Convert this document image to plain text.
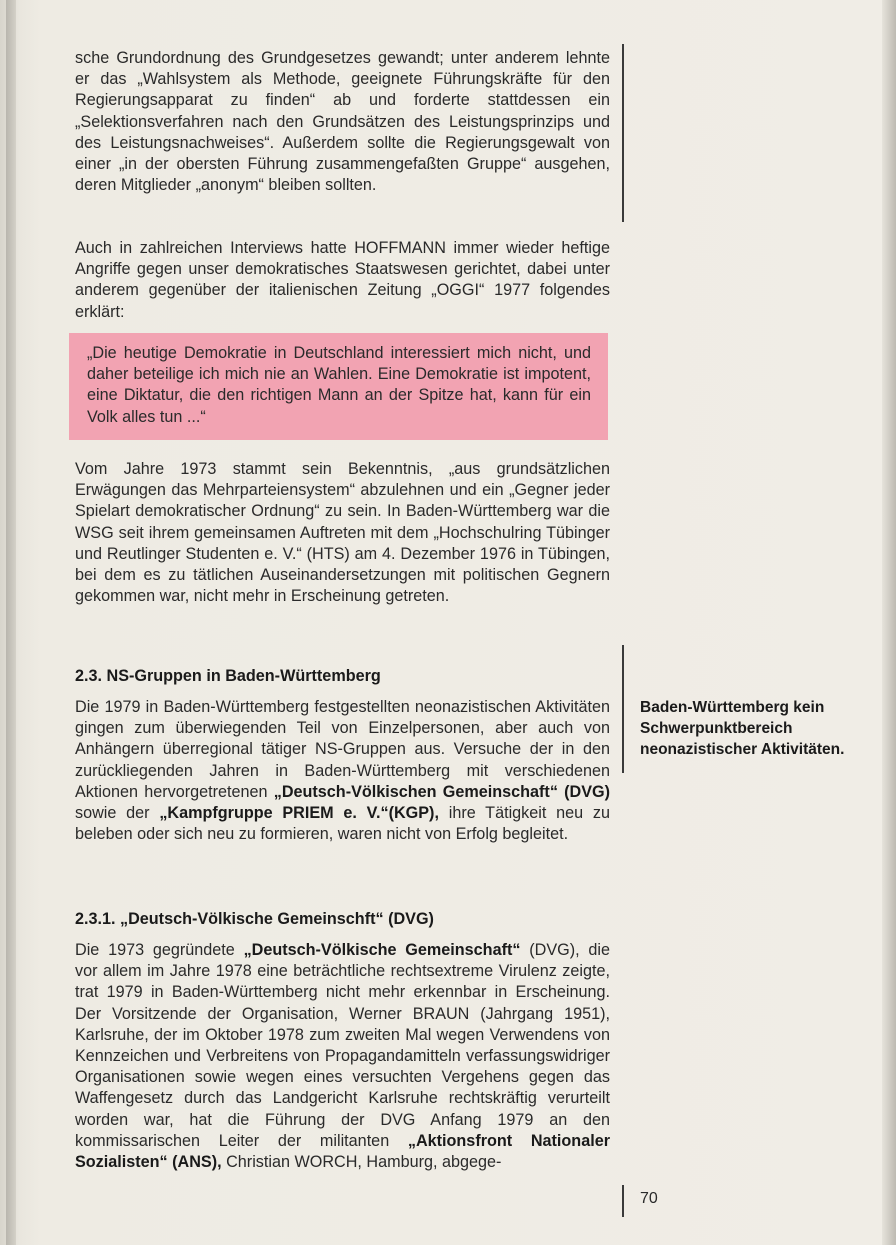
sche Grundordnung des Grundgesetzes gewandt; unter anderem lehnte er das „Wahlsystem als Methode, geeignete Führungskräfte für den Regierungsapparat zu finden“ ab und forderte stattdessen ein „Selektionsverfahren nach den Grundsätzen des Leistungsprinzips und des Leistungsnachweises“. Außerdem sollte die Regierungsgewalt von einer „in der obersten Führung zusammengefaßten Gruppe“ ausgehen, deren Mitglieder „anonym“ bleiben sollten.

Auch in zahlreichen Interviews hatte HOFFMANN immer wieder heftige Angriffe gegen unser demokratisches Staatswesen gerichtet, dabei unter anderem gegenüber der italienischen Zeitung „OGGI“ 1977 folgendes erklärt:

„Die heutige Demokratie in Deutschland interessiert mich nicht, und daher beteilige ich mich nie an Wahlen. Eine Demokratie ist impotent, eine Diktatur, die den richtigen Mann an der Spitze hat, kann für ein Volk alles tun ...“

Vom Jahre 1973 stammt sein Bekenntnis, „aus grundsätzlichen Erwägungen das Mehrparteiensystem“ abzulehnen und ein „Gegner jeder Spielart demokratischer Ordnung“ zu sein. In Baden-Württemberg war die WSG seit ihrem gemeinsamen Auftreten mit dem „Hochschulring Tübinger und Reutlinger Studenten e. V.“ (HTS) am 4. Dezember 1976 in Tübingen, bei dem es zu tätlichen Auseinandersetzungen mit politischen Gegnern gekommen war, nicht mehr in Erscheinung getreten.

2.3. NS-Gruppen in Baden-Württemberg

Die 1979 in Baden-Württemberg festgestellten neonazistischen Aktivitäten gingen zum überwiegenden Teil von Einzelpersonen, aber auch von Anhängern überregional tätiger NS-Gruppen aus. Versuche der in den zurückliegenden Jahren in Baden-Württemberg mit verschiedenen Aktionen hervorgetretenen „Deutsch-Völkischen Gemeinschaft“ (DVG) sowie der „Kampfgruppe PRIEM e. V.“(KGP), ihre Tätigkeit neu zu beleben oder sich neu zu formieren, waren nicht von Erfolg begleitet.

2.3.1. „Deutsch-Völkische Gemeinschft“ (DVG)

Die 1973 gegründete „Deutsch-Völkische Gemeinschaft“ (DVG), die vor allem im Jahre 1978 eine beträchtliche rechtsextreme Virulenz zeigte, trat 1979 in Baden-Württemberg nicht mehr erkennbar in Erscheinung. Der Vorsitzende der Organisation, Werner BRAUN (Jahrgang 1951), Karlsruhe, der im Oktober 1978 zum zweiten Mal wegen Verwendens von Kennzeichen und Verbreitens von Propagandamitteln verfassungswidriger Organisationen sowie wegen eines versuchten Vergehens gegen das Waffengesetz durch das Landgericht Karlsruhe rechtskräftig verurteilt worden war, hat die Führung der DVG Anfang 1979 an den kommissarischen Leiter der militanten „Aktionsfront Nationaler Sozialisten“ (ANS), Christian WORCH, Hamburg, abgege-

Baden-Württemberg kein Schwerpunktbereich neonazistischer Aktivitäten.
70
